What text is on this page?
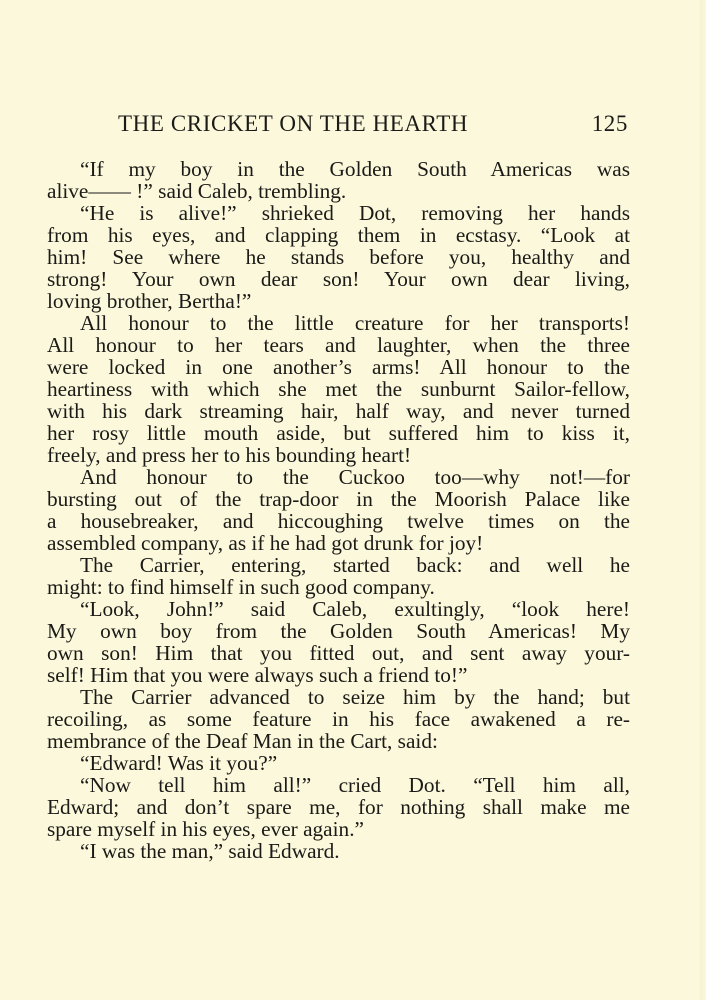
THE CRICKET ON THE HEARTH	125
“If my boy in the Golden South Americas was
alive—— !” said Caleb, trembling.
“He is alive!” shrieked Dot, removing her hands
from his eyes, and clapping them in ecstasy. “Look at
him! See where he stands before you, healthy and
strong! Your own dear son! Your own dear living,
loving brother, Bertha!”
All honour to the little creature for her transports!
All honour to her tears and laughter, when the three
were locked in one another’s arms! All honour to the
heartiness with which she met the sunburnt Sailor-fellow,
with his dark streaming hair, half way, and never turned
her rosy little mouth aside, but suffered him to kiss it,
freely, and press her to his bounding heart!
And honour to the Cuckoo too—why not!—for
bursting out of the trap-door in the Moorish Palace like
a housebreaker, and hiccoughing twelve times on the
assembled company, as if he had got drunk for joy!
The Carrier, entering, started back: and well he
might: to find himself in such good company.
“Look, John!” said Caleb, exultingly, “look here!
My own boy from the Golden South Americas! My
own son! Him that you fitted out, and sent away your-
self! Him that you were always such a friend to!”
The Carrier advanced to seize him by the hand; but
recoiling, as some feature in his face awakened a re-
membrance of the Deaf Man in the Cart, said:
“Edward! Was it you?”
“Now tell him all!” cried Dot. “Tell him all,
Edward; and don’t spare me, for nothing shall make me
spare myself in his eyes, ever again.”
“I was the man,” said Edward.
